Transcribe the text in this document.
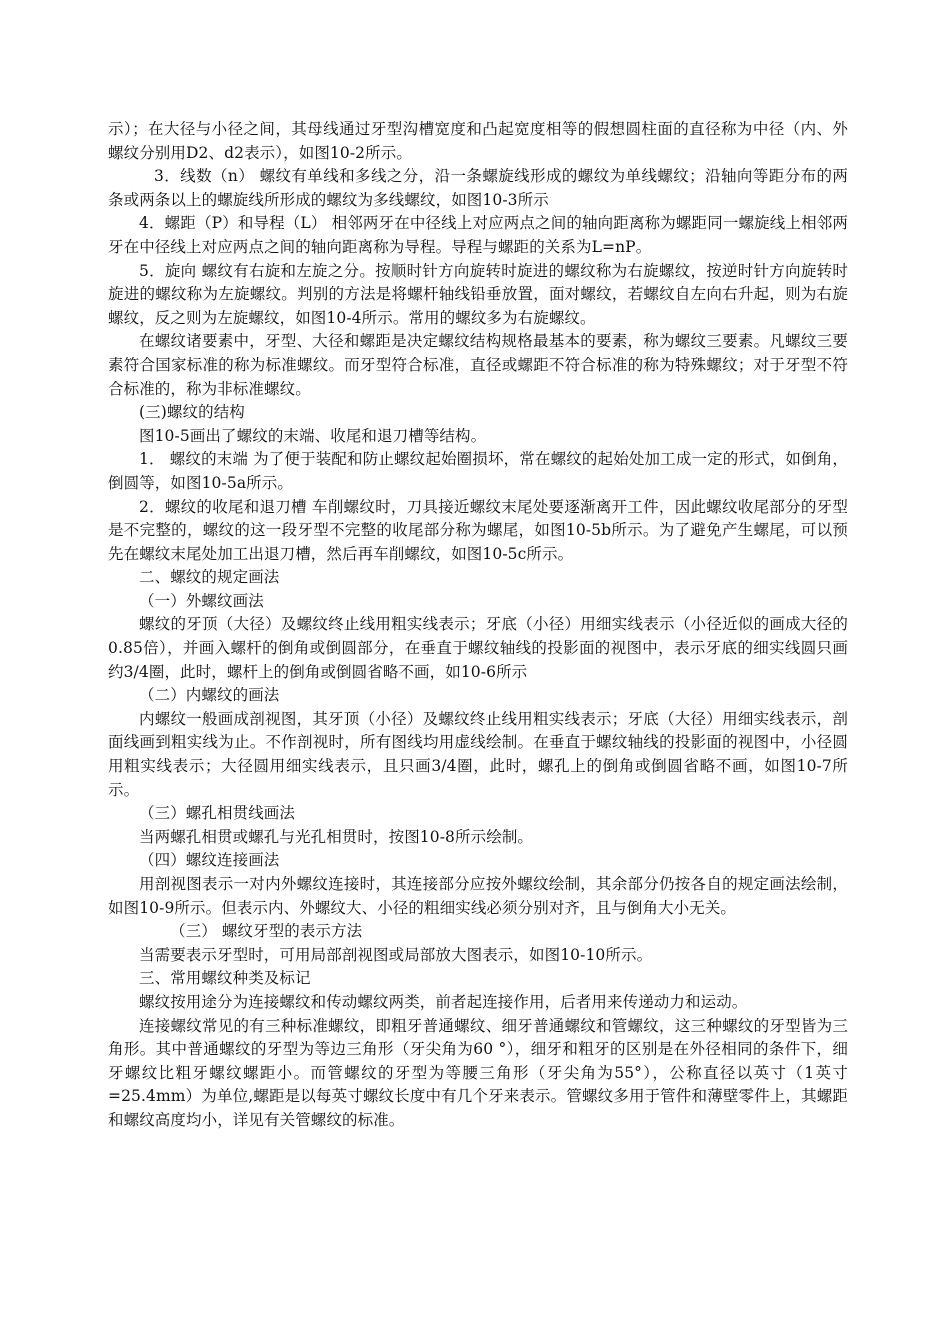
示）；在大径与小径之间，其母线通过牙型沟槽宽度和凸起宽度相等的假想圆柱面的直径称为中径（内、外螺纹分别用D2、d2表示），如图10-2所示。

3．线数（n） 螺纹有单线和多线之分，沿一条螺旋线形成的螺纹为单线螺纹；沿轴向等距分布的两条或两条以上的螺旋线所形成的螺纹为多线螺纹，如图10-3所示

4．螺距（P）和导程（L） 相邻两牙在中径线上对应两点之间的轴向距离称为螺距同一螺旋线上相邻两牙在中径线上对应两点之间的轴向距离称为导程。导程与螺距的关系为L=nP。

5．旋向 螺纹有右旋和左旋之分。按顺时针方向旋转时旋进的螺纹称为右旋螺纹，按逆时针方向旋转时旋进的螺纹称为左旋螺纹。判别的方法是将螺杆轴线铅垂放置，面对螺纹，若螺纹自左向右升起，则为右旋螺纹，反之则为左旋螺纹，如图10-4所示。常用的螺纹多为右旋螺纹。

在螺纹诸要素中，牙型、大径和螺距是决定螺纹结构规格最基本的要素，称为螺纹三要素。凡螺纹三要素符合国家标准的称为标准螺纹。而牙型符合标准，直径或螺距不符合标准的称为特殊螺纹；对于牙型不符合标准的，称为非标准螺纹。

(三)螺纹的结构

图10-5画出了螺纹的末端、收尾和退刀槽等结构。

1． 螺纹的末端 为了便于装配和防止螺纹起始圈损坏，常在螺纹的起始处加工成一定的形式，如倒角，倒圆等，如图10-5a所示。

2．螺纹的收尾和退刀槽 车削螺纹时，刀具接近螺纹末尾处要逐渐离开工件，因此螺纹收尾部分的牙型是不完整的，螺纹的这一段牙型不完整的收尾部分称为螺尾，如图10-5b所示。为了避免产生螺尾，可以预先在螺纹末尾处加工出退刀槽，然后再车削螺纹，如图10-5c所示。

二、螺纹的规定画法

（一）外螺纹画法

螺纹的牙顶（大径）及螺纹终止线用粗实线表示；牙底（小径）用细实线表示（小径近似的画成大径的0.85倍），并画入螺杆的倒角或倒圆部分，在垂直于螺纹轴线的投影面的视图中，表示牙底的细实线圆只画约3/4圈，此时，螺杆上的倒角或倒圆省略不画，如10-6所示

（二）内螺纹的画法

内螺纹一般画成剖视图，其牙顶（小径）及螺纹终止线用粗实线表示；牙底（大径）用细实线表示，剖面线画到粗实线为止。不作剖视时，所有图线均用虚线绘制。在垂直于螺纹轴线的投影面的视图中，小径圆用粗实线表示；大径圆用细实线表示，且只画3/4圈，此时，螺孔上的倒角或倒圆省略不画，如图10-7所示。

（三）螺孔相贯线画法

当两螺孔相贯或螺孔与光孔相贯时，按图10-8所示绘制。

（四）螺纹连接画法

用剖视图表示一对内外螺纹连接时，其连接部分应按外螺纹绘制，其余部分仍按各自的规定画法绘制，如图10-9所示。但表示内、外螺纹大、小径的粗细实线必须分别对齐，且与倒角大小无关。

（三） 螺纹牙型的表示方法

当需要表示牙型时，可用局部剖视图或局部放大图表示，如图10-10所示。

三、常用螺纹种类及标记

螺纹按用途分为连接螺纹和传动螺纹两类，前者起连接作用，后者用来传递动力和运动。

连接螺纹常见的有三种标准螺纹，即粗牙普通螺纹、细牙普通螺纹和管螺纹，这三种螺纹的牙型皆为三角形。其中普通螺纹的牙型为等边三角形（牙尖角为60 °），细牙和粗牙的区别是在外径相同的条件下，细牙螺纹比粗牙螺纹螺距小。而管螺纹的牙型为等腰三角形（牙尖角为55°），公称直径以英寸（1英寸=25.4mm）为单位,螺距是以每英寸螺纹长度中有几个牙来表示。管螺纹多用于管件和薄壁零件上，其螺距和螺纹高度均小，详见有关管螺纹的标准。
